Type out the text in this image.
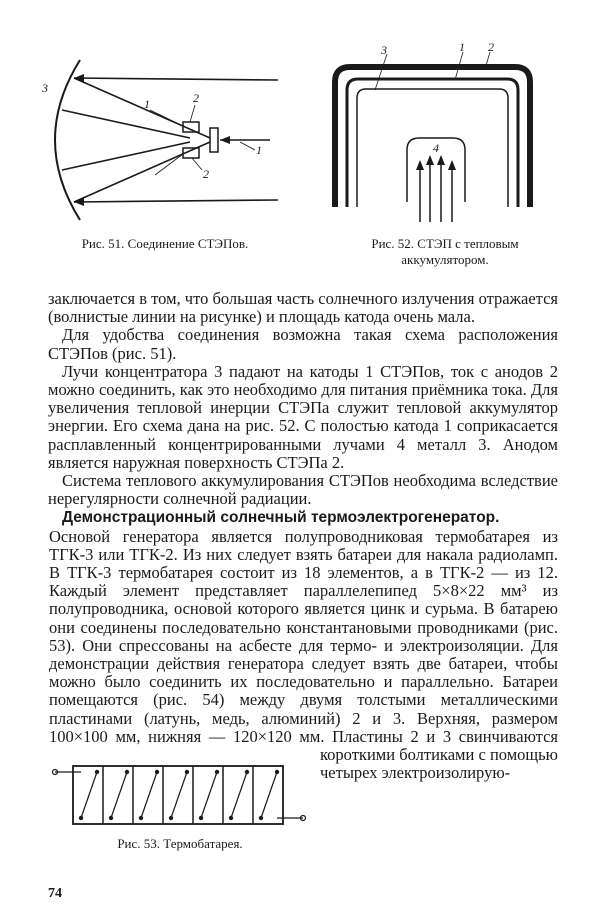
1	2
3
1
2
Рис. 51. Соединение СТЭПов.
3	1 2
4
Рис. 52. СТЭП с тепловым
аккумулятором.

заключается в том, что большая часть солнечного излучения отражается (волнистые линии на рисунке) и площадь катода очень мала.

Для удобства соединения возможна такая схема расположения СТЭПов (рис. 51).

Лучи концентратора 3 падают на катоды 1 СТЭПов, ток с анодов 2 можно соединить, как это необходимо для питания приёмника тока. Для увеличения тепловой инерции СТЭПа служит тепловой аккумулятор энергии. Его схема дана на рис. 52. С полостью катода 1 соприкасается расплавленный концентрированными лучами 4 металл 3. Анодом является наружная поверхность СТЭПа 2.

Система теплового аккумулирования СТЭПов необходима вследствие нерегулярности солнечной радиации.

Демонстрационный солнечный термоэлектрогенератор.

Основой генератора является полупроводниковая термобатарея из ТГК-3 или ТГК-2. Из них следует взять батареи для накала радиоламп. В ТГК-3 термобатарея состоит из 18 элементов, а в ТГК-2 — из 12. Каждый элемент представляет параллелепипед 5×8×22 мм³ из полупроводника, основой которого является цинк и сурьма. В батарею они соединены последовательно константановыми проводниками (рис. 53). Они спрессованы на асбесте для термо- и электроизоляции. Для демонстрации действия генератора следует взять две батареи, чтобы можно было соединить их последовательно и параллельно. Батареи помещаются (рис. 54) между двумя толстыми металлическими пластинами (латунь, медь, алюминий) 2 и 3. Верхняя, размером 100×100 мм, нижняя — 120×120 мм. Пластины 2 и 3 свинчиваются короткими болтиками с помощью четырех электроизолирую-

Рис. 53. Термобатарея.
74
